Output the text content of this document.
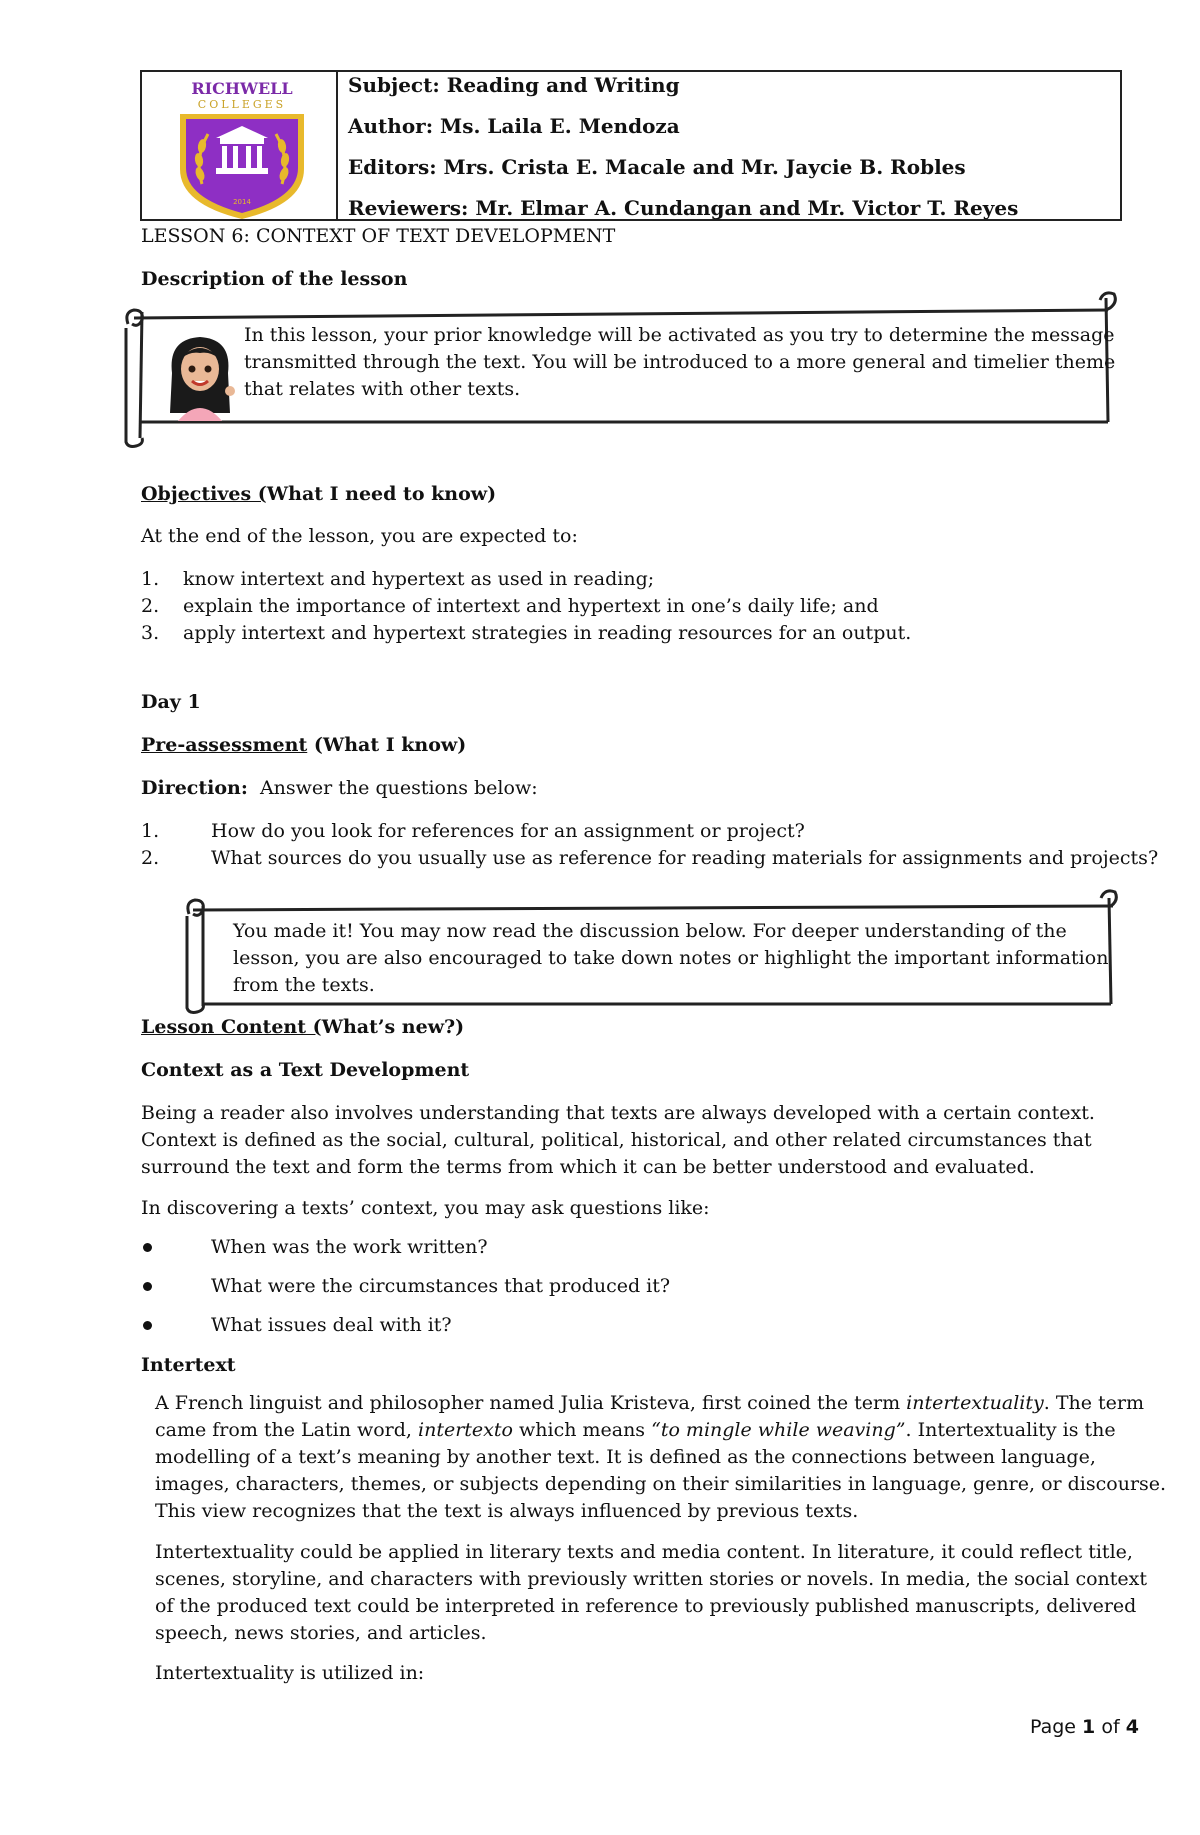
RICHWELL
COLLEGES
2014
Subject: Reading and Writing
Author: Ms. Laila E. Mendoza
Editors: Mrs. Crista E. Macale and Mr. Jaycie B. Robles
Reviewers: Mr. Elmar A. Cundangan and Mr. Victor T. Reyes
LESSON 6: CONTEXT OF TEXT DEVELOPMENT
Description of the lesson
In this lesson, your prior knowledge will be activated as you try to determine the message
transmitted through the text. You will be introduced to a more general and timelier theme
that relates with other texts.
Objectives (What I need to know)
At the end of the lesson, you are expected to:
1. know intertext and hypertext as used in reading;
2. explain the importance of intertext and hypertext in one’s daily life; and
3. apply intertext and hypertext strategies in reading resources for an output.
Day 1
Pre-assessment (What I know)
Direction: Answer the questions below:
1.	How do you look for references for an assignment or project?
2.	What sources do you usually use as reference for reading materials for assignments and projects?
You made it! You may now read the discussion below. For deeper understanding of the
lesson, you are also encouraged to take down notes or highlight the important information
from the texts.
Lesson Content (What’s new?)
Context as a Text Development
Being a reader also involves understanding that texts are always developed with a certain context.
Context is defined as the social, cultural, political, historical, and other related circumstances that
surround the text and form the terms from which it can be better understood and evaluated.
In discovering a texts’ context, you may ask questions like:
When was the work written?
What were the circumstances that produced it?
What issues deal with it?
Intertext
A French linguist and philosopher named Julia Kristeva, first coined the term intertextuality. The term
came from the Latin word, intertexto which means “to mingle while weaving”. Intertextuality is the
modelling of a text’s meaning by another text. It is defined as the connections between language,
images, characters, themes, or subjects depending on their similarities in language, genre, or discourse.
This view recognizes that the text is always influenced by previous texts.
Intertextuality could be applied in literary texts and media content. In literature, it could reflect title,
scenes, storyline, and characters with previously written stories or novels. In media, the social context
of the produced text could be interpreted in reference to previously published manuscripts, delivered
speech, news stories, and articles.
Intertextuality is utilized in:
Page 1 of 4
